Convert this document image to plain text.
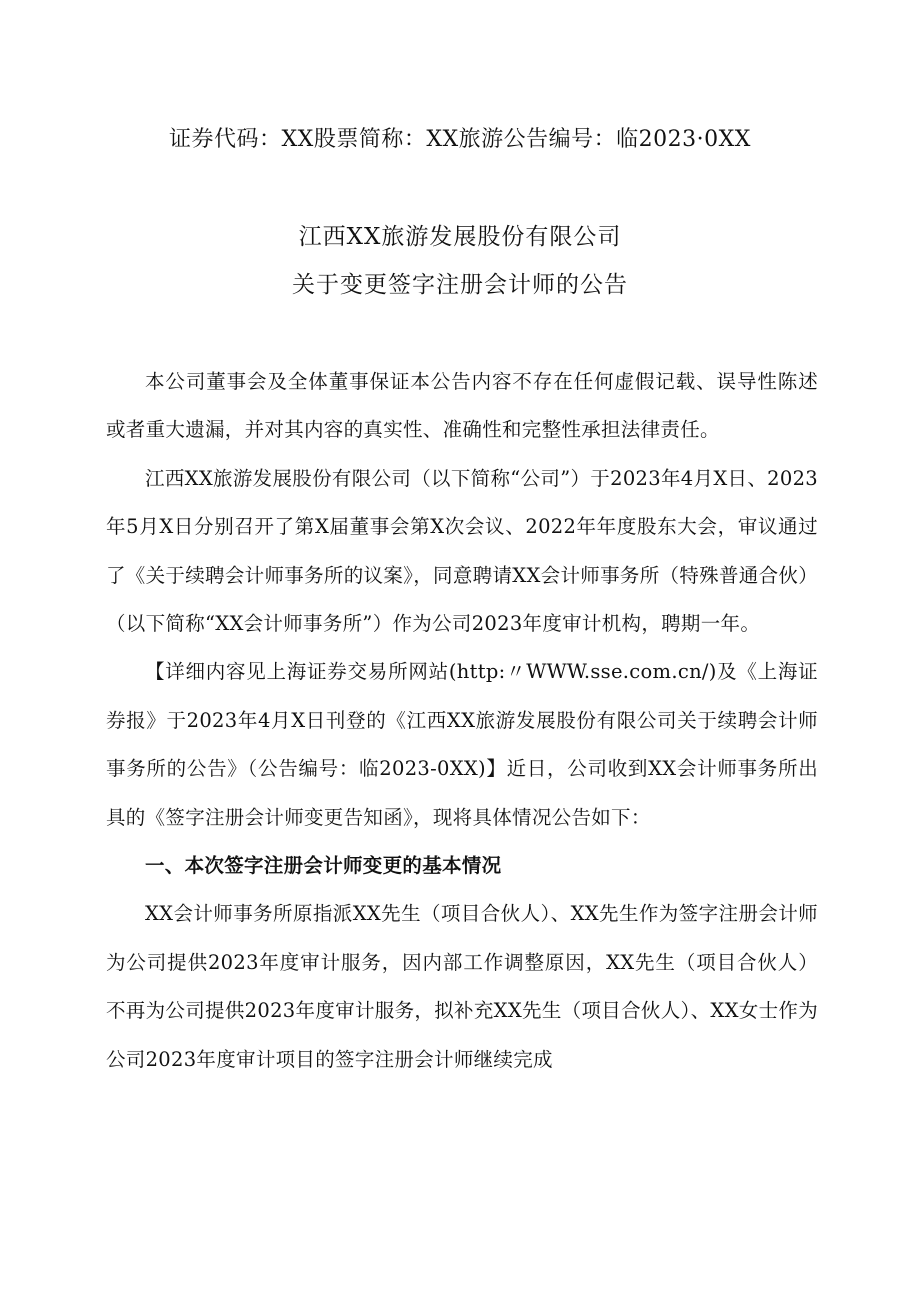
证券代码：XX股票简称：XX旅游公告编号：临2023·0XX
江西XX旅游发展股份有限公司
关于变更签字注册会计师的公告

本公司董事会及全体董事保证本公告内容不存在任何虚假记载、误导性陈述或者重大遗漏，并对其内容的真实性、准确性和完整性承担法律责任。

江西XX旅游发展股份有限公司（以下简称“公司”）于2023年4月X日、2023年5月X日分别召开了第X届董事会第X次会议、2022年年度股东大会，审议通过了《关于续聘会计师事务所的议案》，同意聘请XX会计师事务所（特殊普通合伙）（以下简称“XX会计师事务所”）作为公司2023年度审计机构，聘期一年。

【详细内容见上海证券交易所网站(http:〃WWW.sse.com.cn/)及《上海证券报》于2023年4月X日刊登的《江西XX旅游发展股份有限公司关于续聘会计师事务所的公告》（公告编号：临2023-0XX)】近日，公司收到XX会计师事务所出具的《签字注册会计师变更告知函》，现将具体情况公告如下：

一、本次签字注册会计师变更的基本情况

XX会计师事务所原指派XX先生（项目合伙人）、XX先生作为签字注册会计师为公司提供2023年度审计服务，因内部工作调整原因，XX先生（项目合伙人）不再为公司提供2023年度审计服务，拟补充XX先生（项目合伙人）、XX女士作为公司2023年度审计项目的签字注册会计师继续完成
